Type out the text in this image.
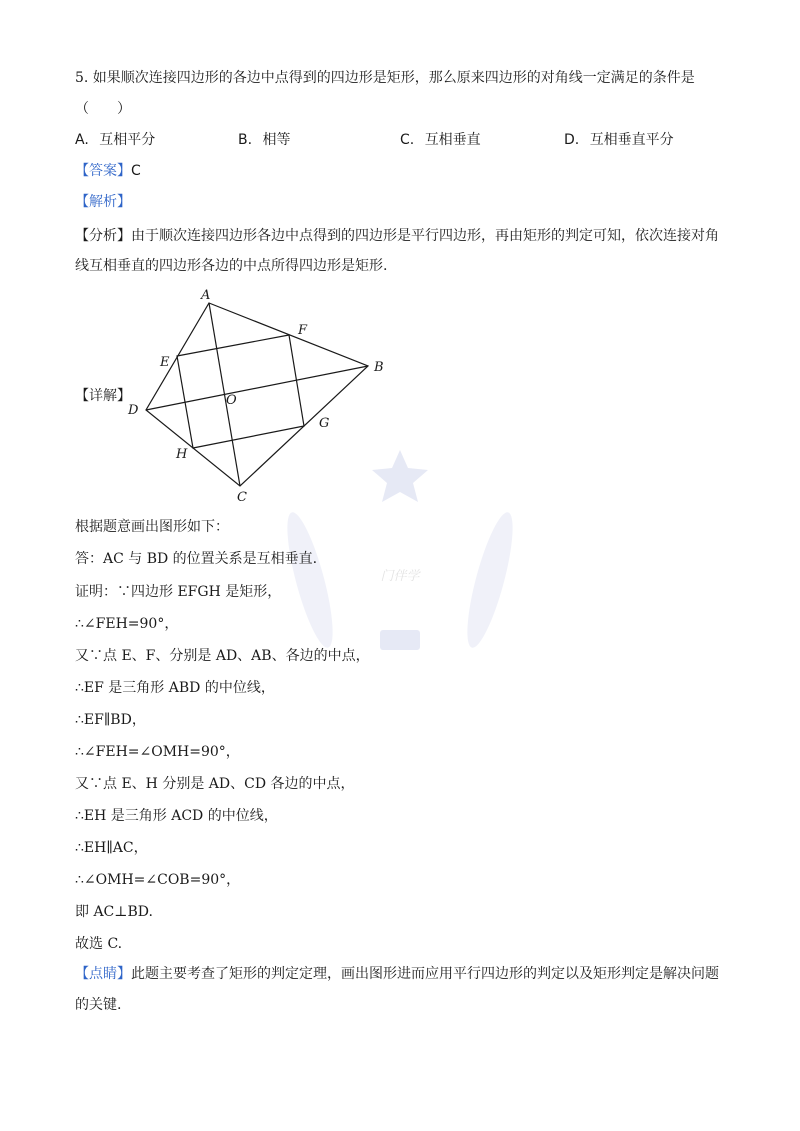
门伴学
5. 如果顺次连接四边形的各边中点得到的四边形是矩形，那么原来四边形的对角线一定满足的条件是
（　　）
A. 互相平分	B. 相等	C. 互相垂直	D. 互相垂直平分
【答案】C
【解析】
【分析】由于顺次连接四边形各边中点得到的四边形是平行四边形，再由矩形的判定可知，依次连接对角
线互相垂直的四边形各边的中点所得四边形是矩形.
【详解】
A
F
E	B
O
D
G
H
C
根据题意画出图形如下：
答：AC 与 BD 的位置关系是互相垂直.
证明：∵四边形 EFGH 是矩形，
∴∠FEH=90°，
又∵点 E、F、分别是 AD、AB、各边的中点，
∴EF 是三角形 ABD 的中位线，
∴EF∥BD，
∴∠FEH=∠OMH=90°，
又∵点 E、H 分别是 AD、CD 各边的中点，
∴EH 是三角形 ACD 的中位线，
∴EH∥AC，
∴∠OMH=∠COB=90°，
即 AC⊥BD.
故选 C.
【点睛】此题主要考查了矩形的判定定理，画出图形进而应用平行四边形的判定以及矩形判定是解决问题
的关键.
